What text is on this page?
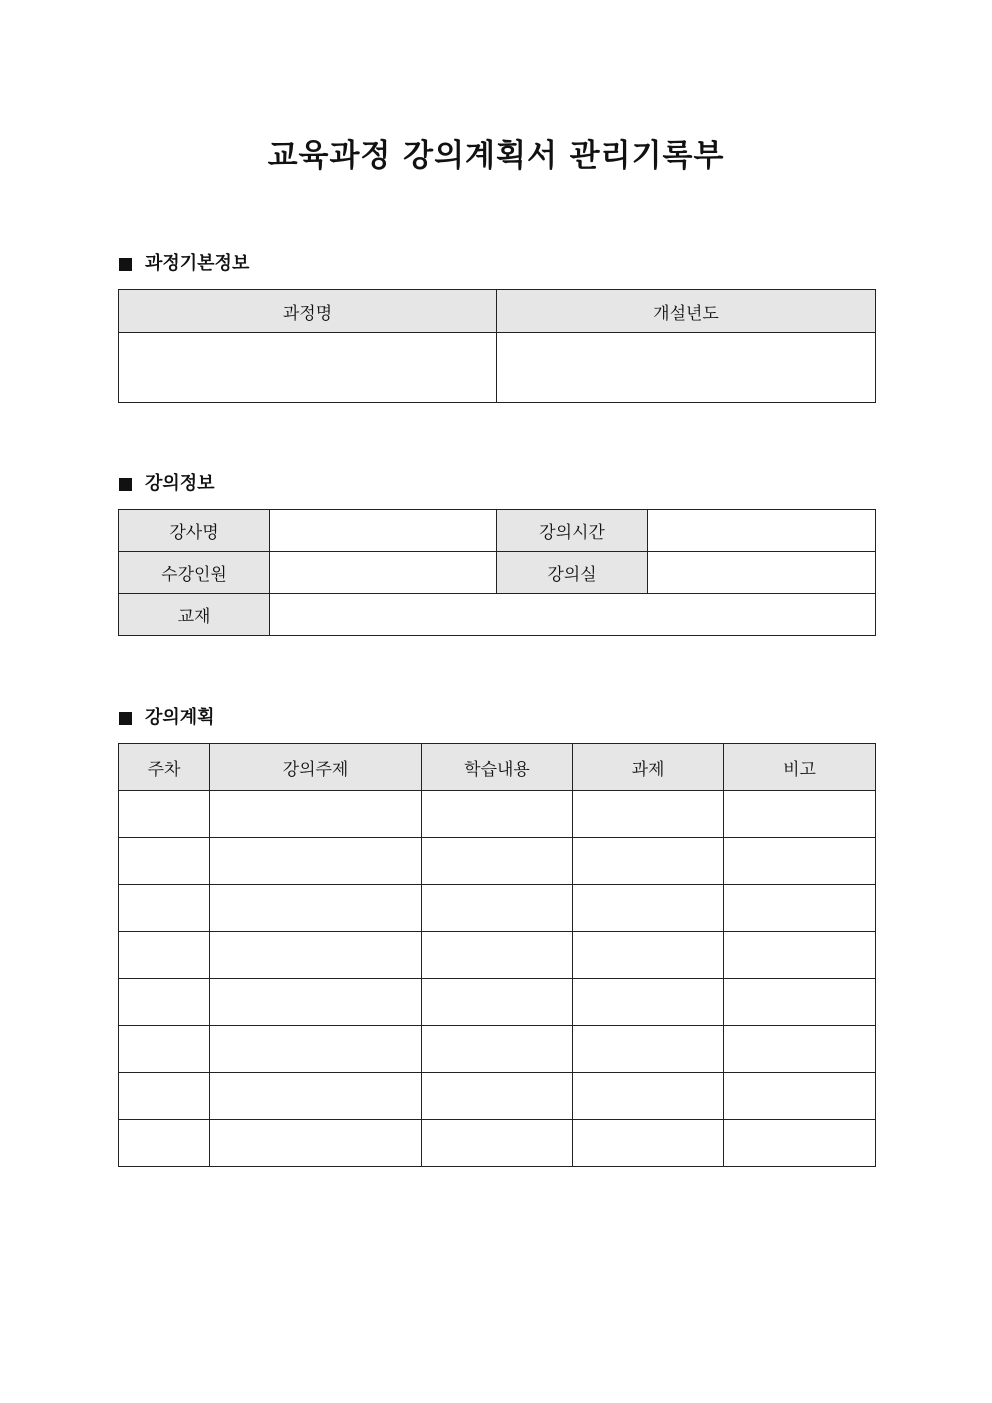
교육과정 강의계획서 관리기록부
과정기본정보
과정명	개설년도

강의정보
강사명		강의시간	
수강인원		강의실	
교재			
강의계획
주차	강의주제	학습내용	과제	비고
